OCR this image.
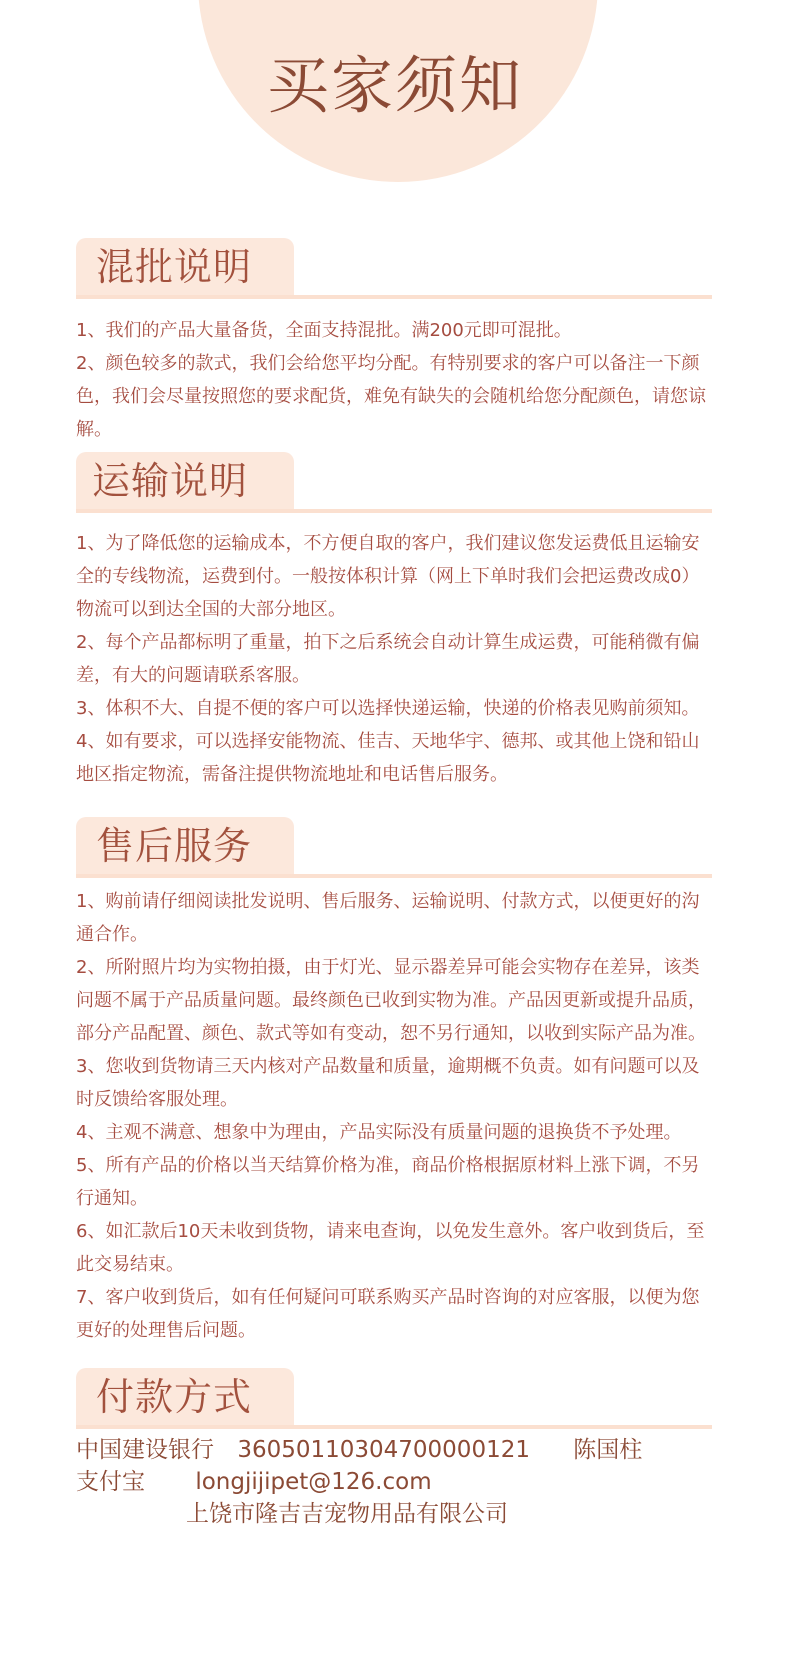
买家须知
混批说明

1、我们的产品大量备货，全面支持混批。满200元即可混批。

2、颜色较多的款式，我们会给您平均分配。有特别要求的客户可以备注一下颜色，我们会尽量按照您的要求配货，难免有缺失的会随机给您分配颜色，请您谅解。

运输说明

1、为了降低您的运输成本，不方便自取的客户，我们建议您发运费低且运输安全的专线物流，运费到付。一般按体积计算（网上下单时我们会把运费改成0）物流可以到达全国的大部分地区。

2、每个产品都标明了重量，拍下之后系统会自动计算生成运费，可能稍微有偏差，有大的问题请联系客服。

3、体积不大、自提不便的客户可以选择快递运输，快递的价格表见购前须知。

4、如有要求，可以选择安能物流、佳吉、天地华宇、德邦、或其他上饶和铅山地区指定物流，需备注提供物流地址和电话售后服务。

售后服务

1、购前请仔细阅读批发说明、售后服务、运输说明、付款方式，以便更好的沟通合作。

2、所附照片均为实物拍摄，由于灯光、显示器差异可能会实物存在差异，该类问题不属于产品质量问题。最终颜色已收到实物为准。产品因更新或提升品质，部分产品配置、颜色、款式等如有变动，恕不另行通知，以收到实际产品为准。

3、您收到货物请三天内核对产品数量和质量，逾期概不负责。如有问题可以及时反馈给客服处理。

4、主观不满意、想象中为理由，产品实际没有质量问题的退换货不予处理。

5、所有产品的价格以当天结算价格为准，商品价格根据原材料上涨下调，不另行通知。

6、如汇款后10天未收到货物，请来电查询，以免发生意外。客户收到货后，至此交易结束。

7、客户收到货后，如有任何疑问可联系购买产品时咨询的对应客服，以便为您更好的处理售后问题。

付款方式
中国建设银行 36050110304700000121 陈国柱
支付宝 longjijipet@126.com
上饶市隆吉吉宠物用品有限公司
